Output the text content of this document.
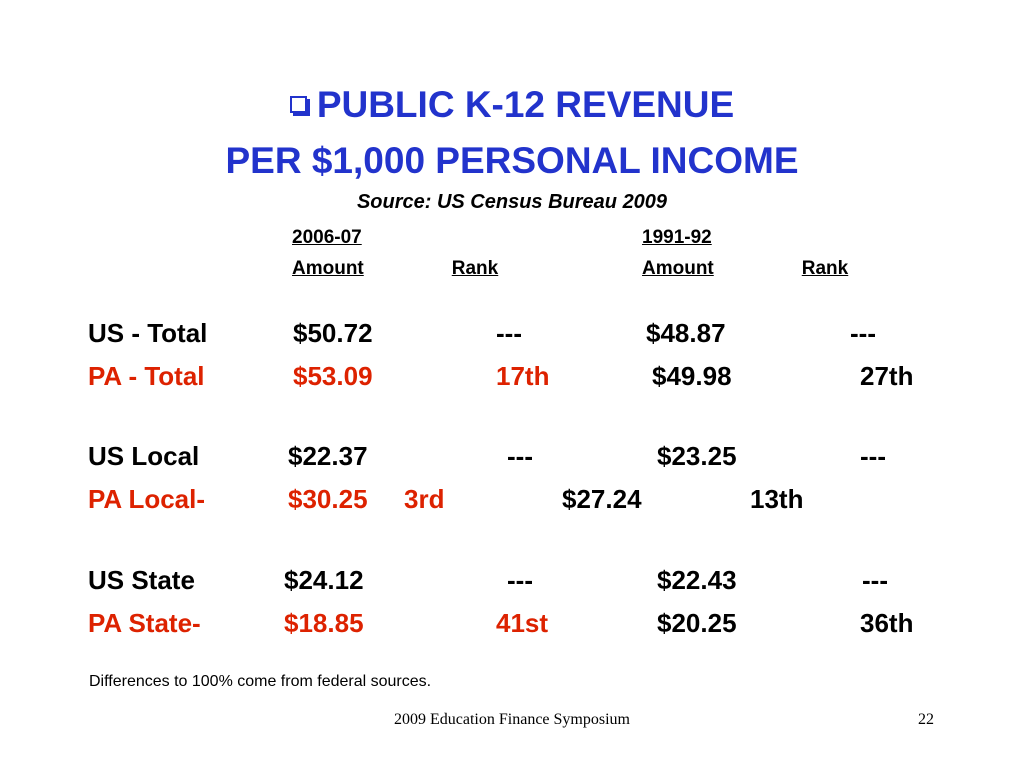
PUBLIC K-12 REVENUE
PER $1,000 PERSONAL INCOME
Source: US Census Bureau 2009
2006-07	1991-92
Amount	Rank	Amount	Rank
US - Total	$50.72	---	$48.87	---
PA - Total	$53.09	17th	$49.98	27th
US Local	$22.37	---	$23.25	---
PA Local-	$30.25 3rd	$27.24	13th
US State	$24.12	---	$22.43	---
PA State-	$18.85	41st	$20.25	36th
Differences to 100% come from federal sources.
2009 Education Finance Symposium	22
